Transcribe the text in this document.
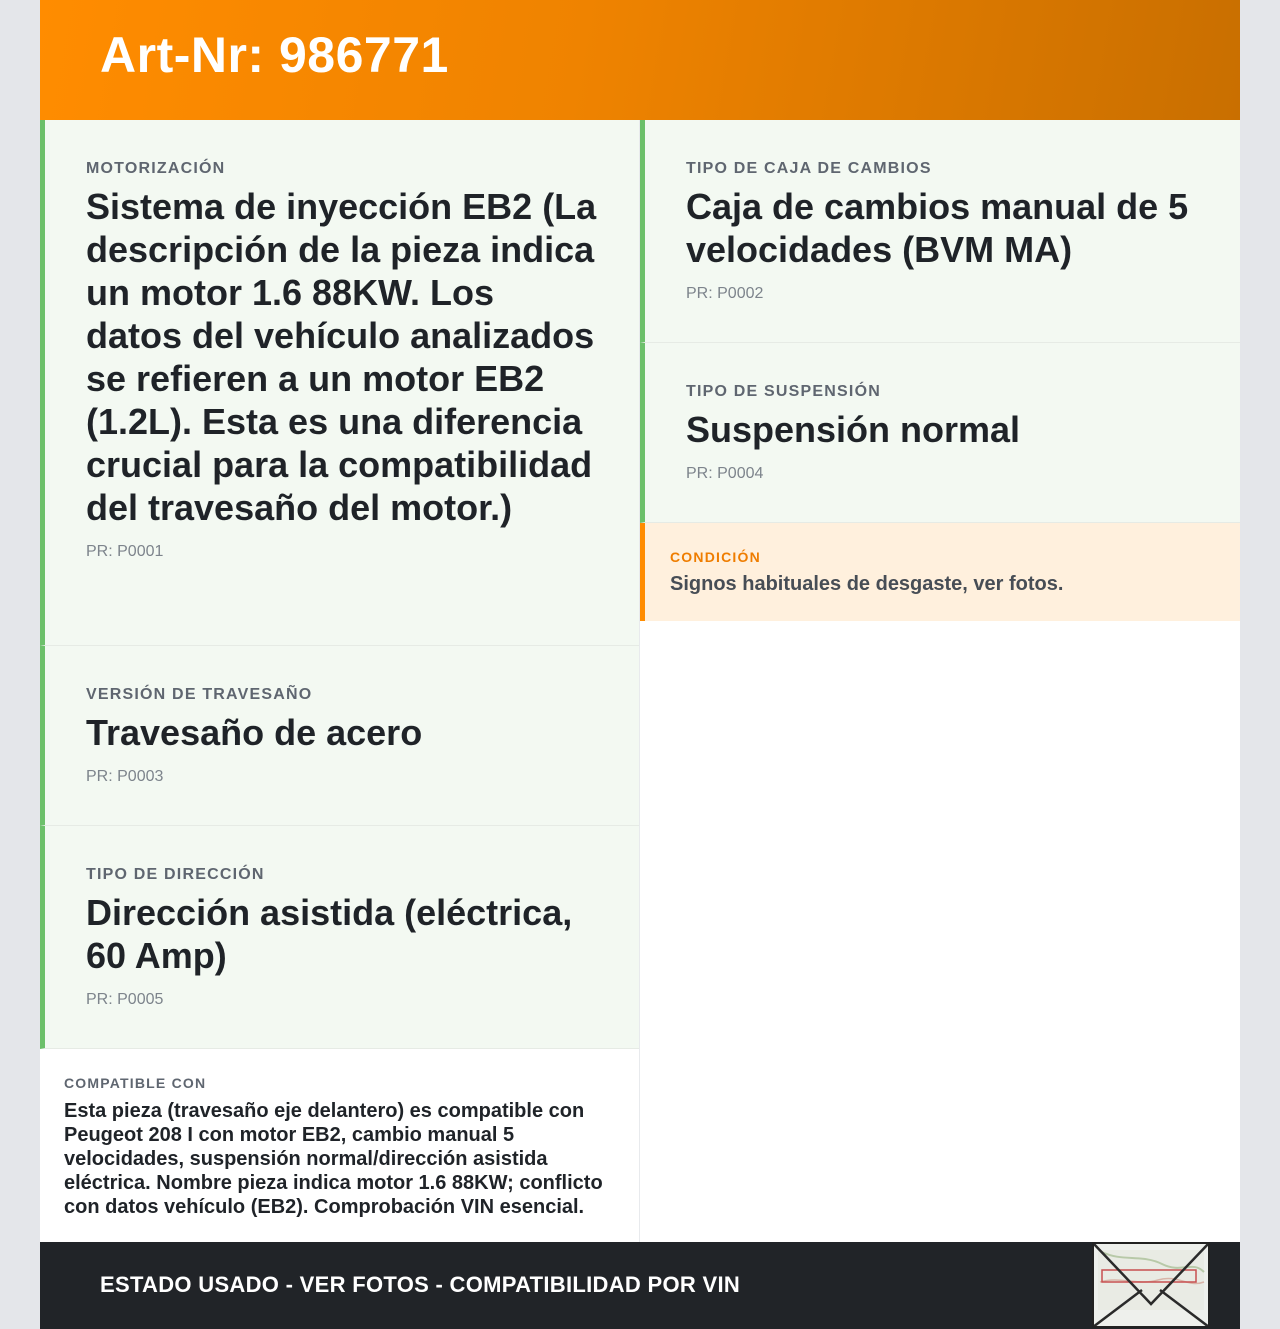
Art-Nr: 986771
MOTORIZACIÓN
Sistema de inyección EB2 (La descripción de la pieza indica un motor 1.6 88KW. Los datos del vehículo analizados se refieren a un motor EB2 (1.2L). Esta es una diferencia crucial para la compatibilidad del travesaño del motor.)
PR: P0001
VERSIÓN DE TRAVESAÑO
Travesaño de acero
PR: P0003
TIPO DE DIRECCIÓN
Dirección asistida (eléctrica, 60 Amp)
PR: P0005
COMPATIBLE CON
Esta pieza (travesaño eje delantero) es compatible con Peugeot 208 I con motor EB2, cambio manual 5 velocidades, suspensión normal/dirección asistida eléctrica. Nombre pieza indica motor 1.6 88KW; conflicto con datos vehículo (EB2). Comprobación VIN esencial.
TIPO DE CAJA DE CAMBIOS
Caja de cambios manual de 5 velocidades (BVM MA)
PR: P0002
TIPO DE SUSPENSIÓN
Suspensión normal
PR: P0004
CONDICIÓN
Signos habituales de desgaste, ver fotos.
ESTADO USADO - VER FOTOS - COMPATIBILIDAD POR VIN
